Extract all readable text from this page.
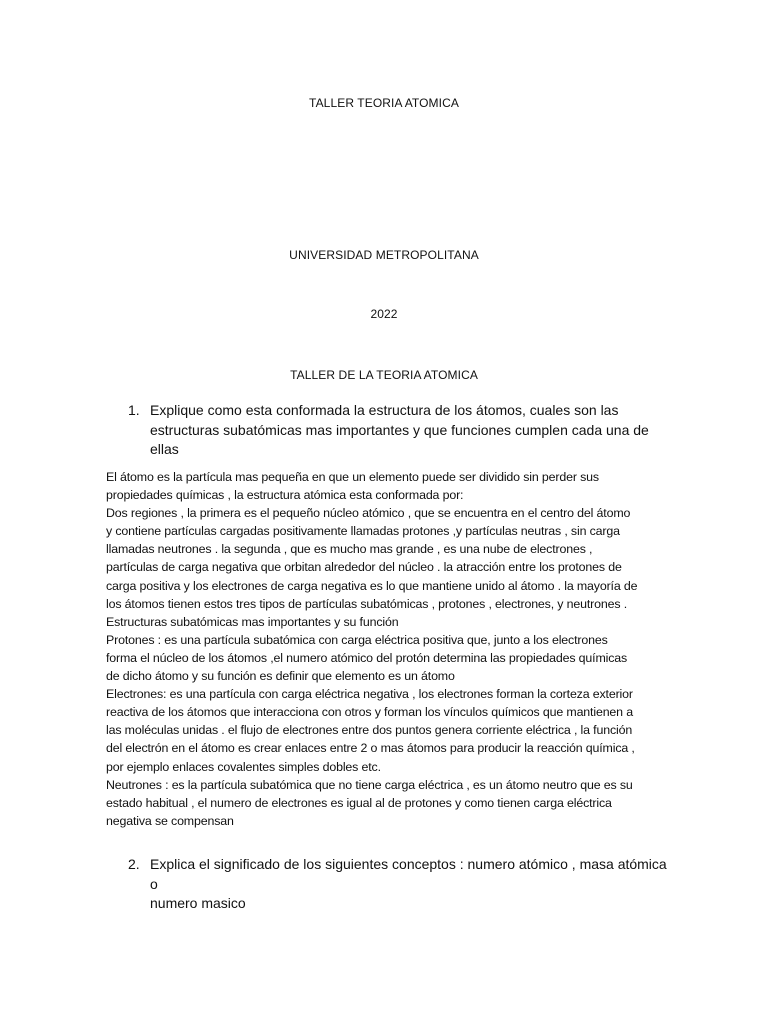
TALLER TEORIA ATOMICA
UNIVERSIDAD METROPOLITANA
2022
TALLER DE LA TEORIA ATOMICA
1. Explique como esta conformada la estructura de los átomos, cuales son las
estructuras subatómicas mas importantes y que funciones cumplen cada una de
ellas

El átomo es la partícula mas pequeña en que un elemento puede ser dividido sin perder sus

propiedades químicas , la estructura atómica esta conformada por:

Dos regiones , la primera es el pequeño núcleo atómico , que se encuentra en el centro del átomo

y contiene partículas cargadas positivamente llamadas protones ,y partículas neutras , sin carga

llamadas neutrones . la segunda , que es mucho mas grande , es una nube de electrones ,

partículas de carga negativa que orbitan alrededor del núcleo . la atracción entre los protones de

carga positiva y los electrones de carga negativa es lo que mantiene unido al átomo . la mayoría de

los átomos tienen estos tres tipos de partículas subatómicas , protones , electrones, y neutrones .

Estructuras subatómicas mas importantes y su función

Protones : es una partícula subatómica con carga eléctrica positiva que, junto a los electrones

forma el núcleo de los átomos ,el numero atómico del protón determina las propiedades químicas

de dicho átomo y su función es definir que elemento es un átomo

Electrones: es una partícula con carga eléctrica negativa , los electrones forman la corteza exterior

reactiva de los átomos que interacciona con otros y forman los vínculos químicos que mantienen a

las moléculas unidas . el flujo de electrones entre dos puntos genera corriente eléctrica , la función

del electrón en el átomo es crear enlaces entre 2 o mas átomos para producir la reacción química ,

por ejemplo enlaces covalentes simples dobles etc.

Neutrones : es la partícula subatómica que no tiene carga eléctrica , es un átomo neutro que es su

estado habitual , el numero de electrones es igual al de protones y como tienen carga eléctrica

negativa se compensan

2. Explica el significado de los siguientes conceptos : numero atómico , masa atómica o
numero masico
